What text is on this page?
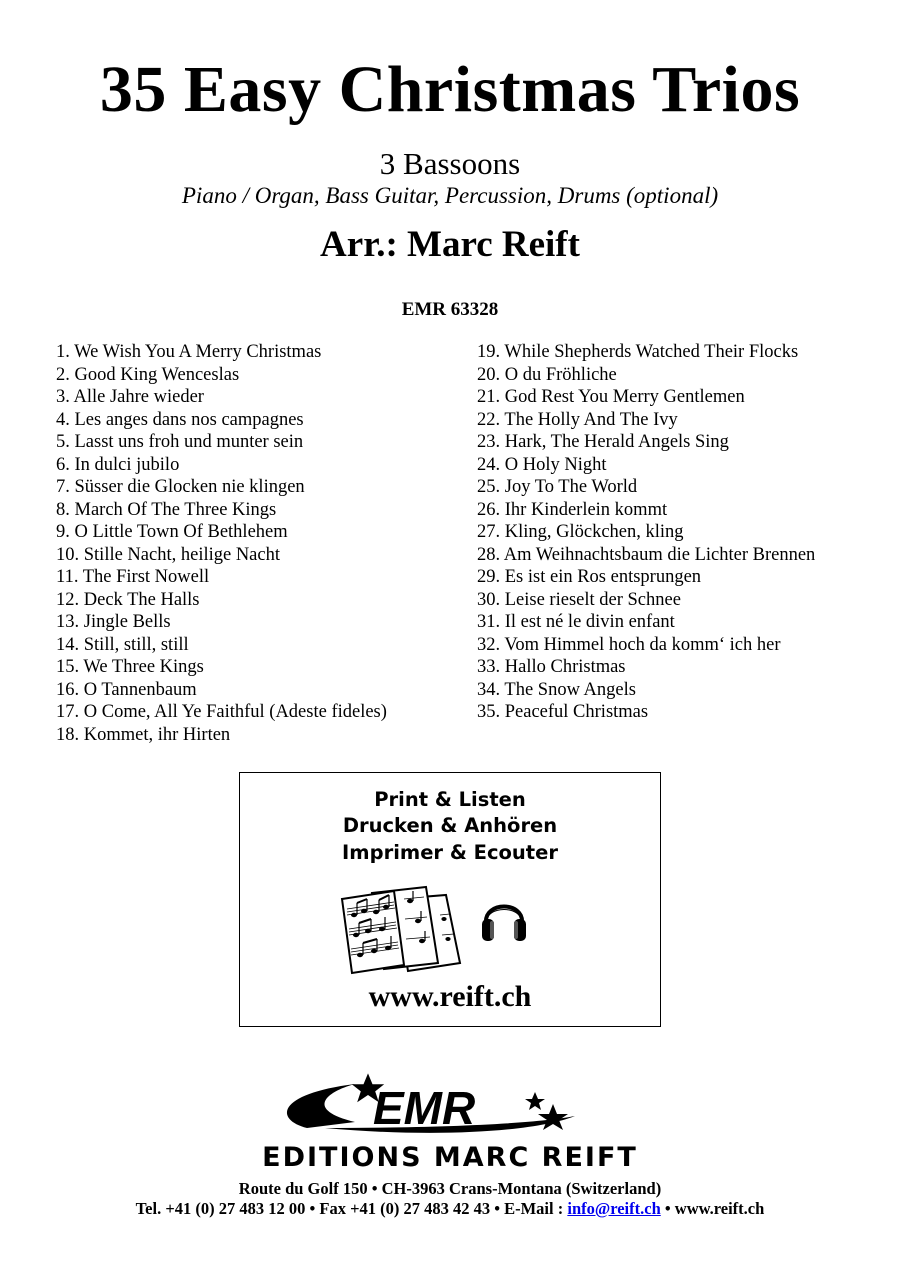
35 Easy Christmas Trios
3 Bassoons
Piano / Organ, Bass Guitar, Percussion, Drums (optional)
Arr.: Marc Reift
EMR 63328
1. We Wish You A Merry Christmas
2. Good King Wenceslas
3. Alle Jahre wieder
4. Les anges dans nos campagnes
5. Lasst uns froh und munter sein
6. In dulci jubilo
7. Süsser die Glocken nie klingen
8. March Of The Three Kings
9. O Little Town Of Bethlehem
10. Stille Nacht, heilige Nacht
11. The First Nowell
12. Deck The Halls
13. Jingle Bells
14. Still, still, still
15. We Three Kings
16. O Tannenbaum
17. O Come, All Ye Faithful (Adeste fideles)
18. Kommet, ihr Hirten
19. While Shepherds Watched Their Flocks
20. O du Fröhliche
21. God Rest You Merry Gentlemen
22. The Holly And The Ivy
23. Hark, The Herald Angels Sing
24. O Holy Night
25. Joy To The World
26. Ihr Kinderlein kommt
27. Kling, Glöckchen, kling
28. Am Weihnachtsbaum die Lichter Brennen
29. Es ist ein Ros entsprungen
30. Leise rieselt der Schnee
31. Il est né le divin enfant
32. Vom Himmel hoch da komm‘ ich her
33. Hallo Christmas
34. The Snow Angels
35. Peaceful Christmas
Print & Listen
Drucken & Anhören
Imprimer & Ecouter
www.reift.ch
EMR
EDITIONS MARC REIFT
Route du Golf 150 • CH-3963 Crans-Montana (Switzerland)
Tel. +41 (0) 27 483 12 00 • Fax +41 (0) 27 483 42 43 • E-Mail : info@reift.ch • www.reift.ch
